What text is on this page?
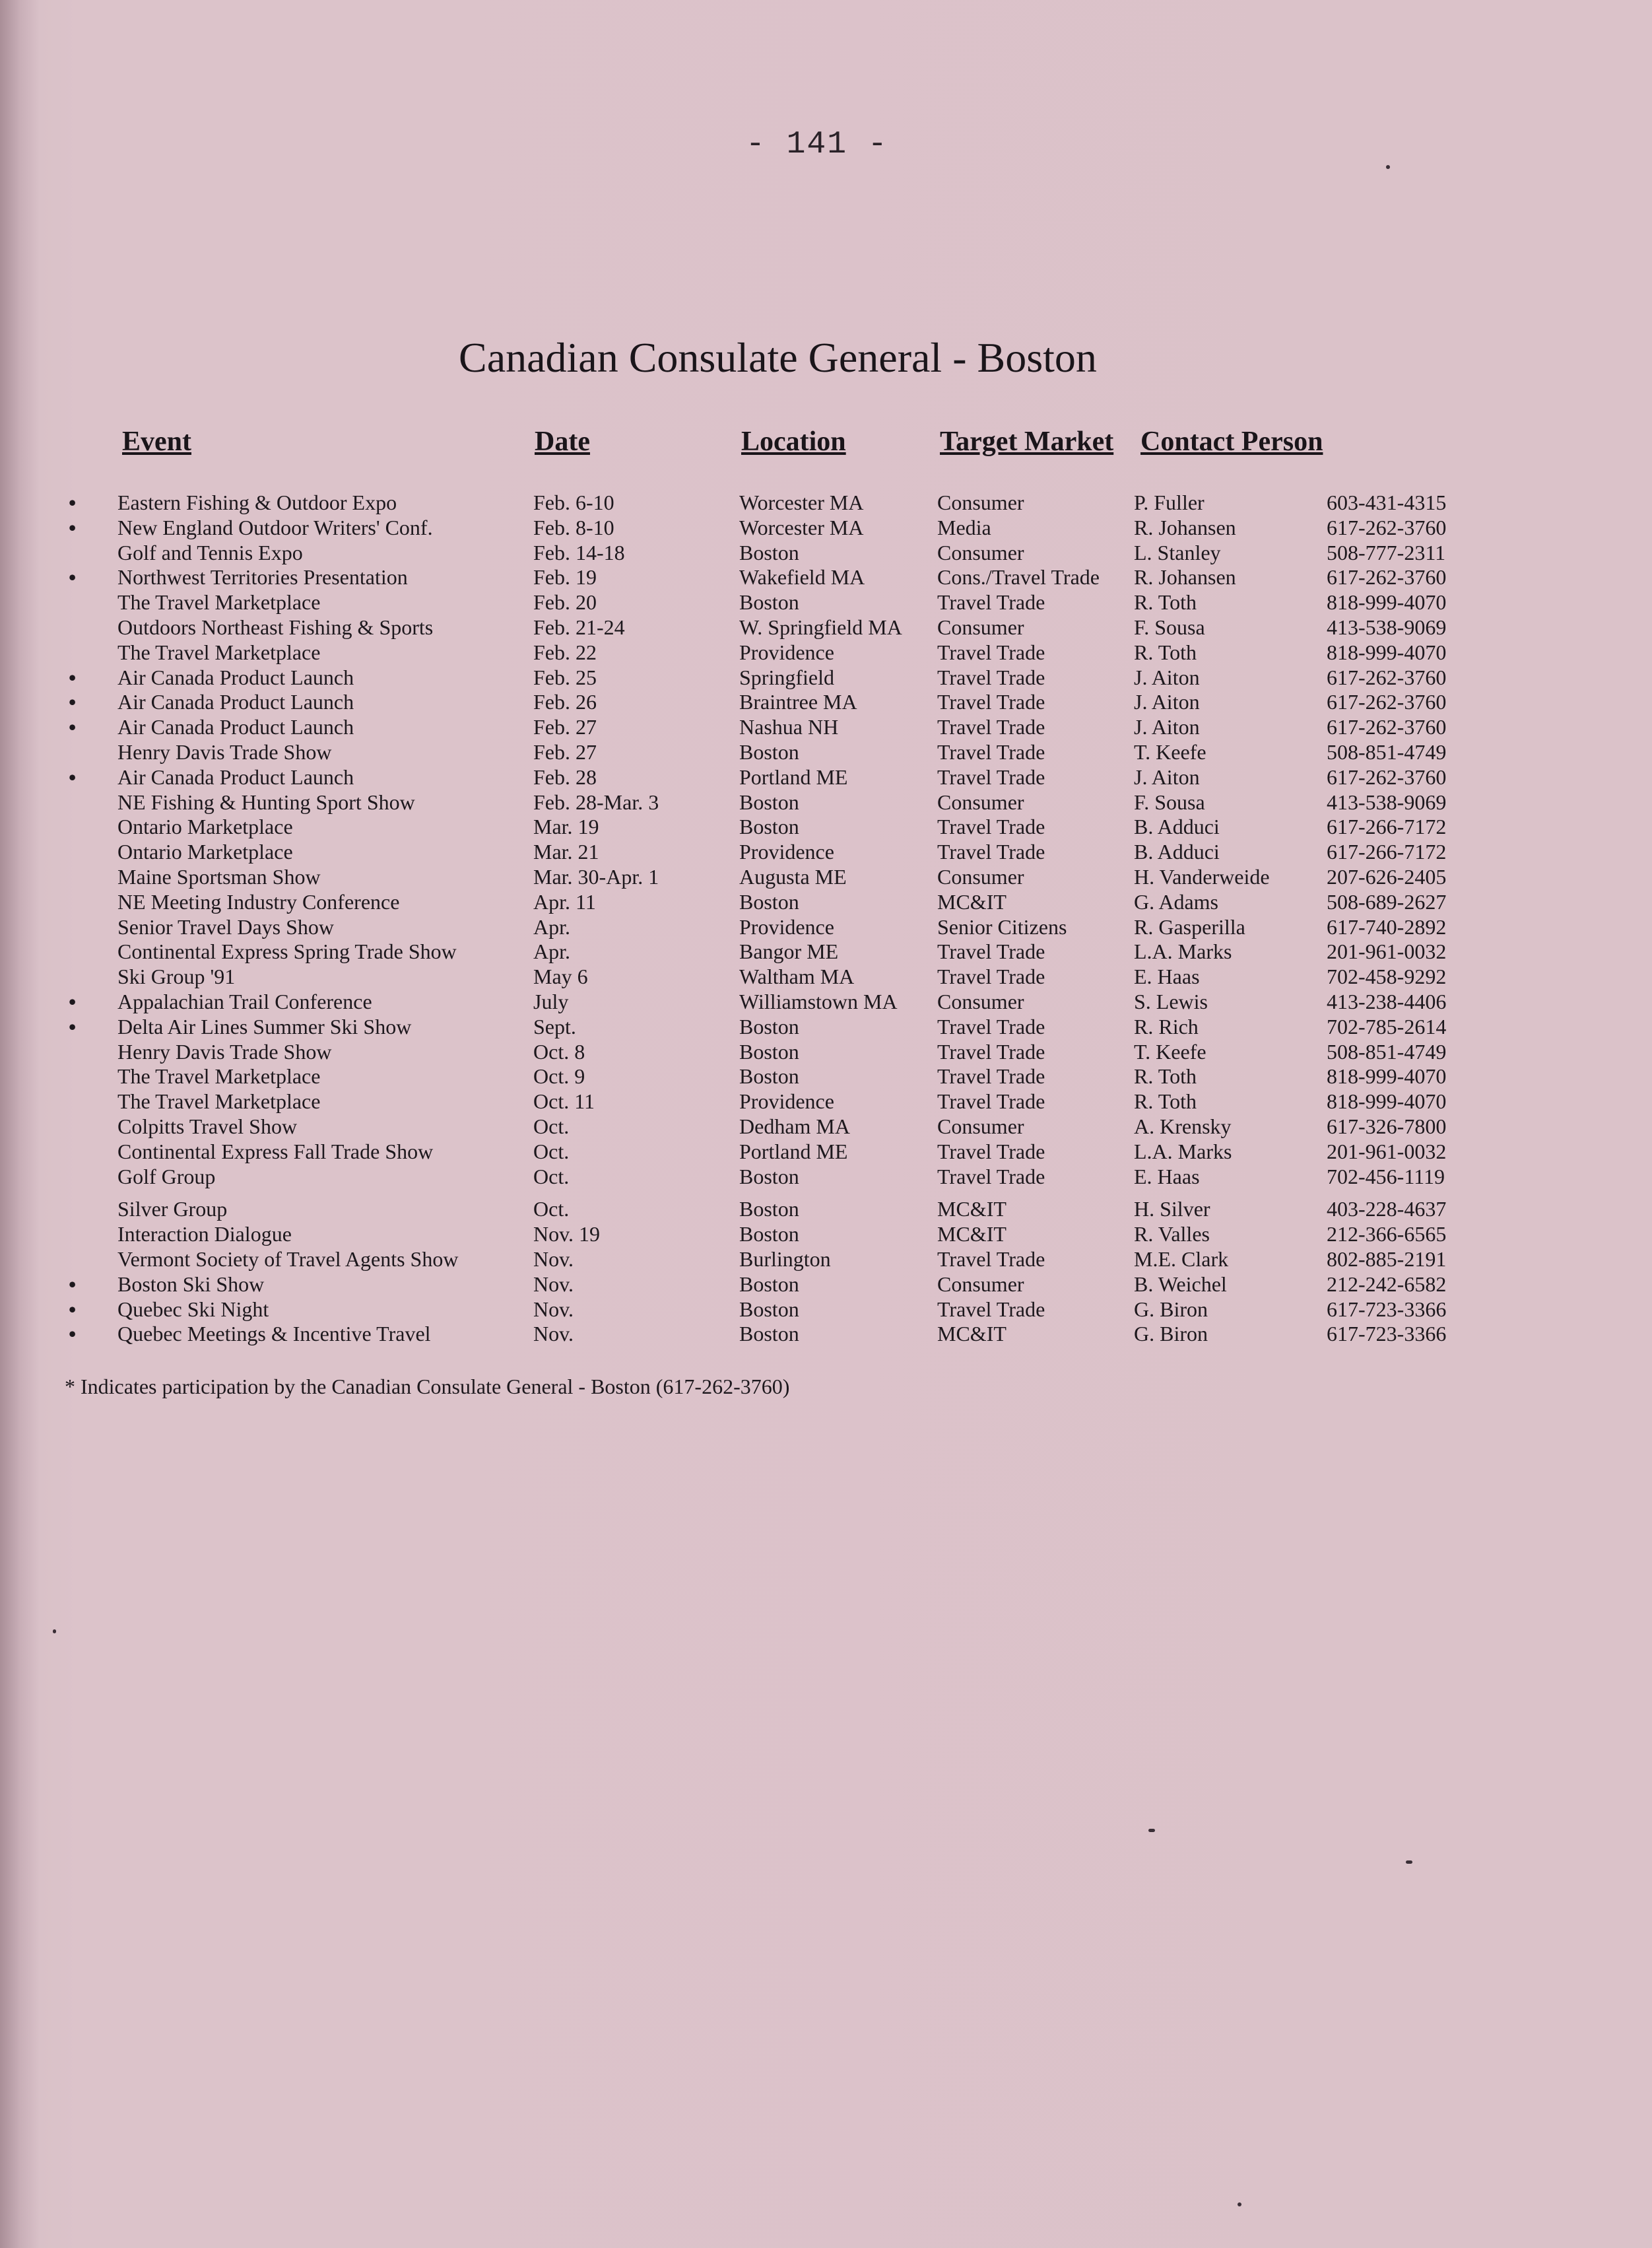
- 141 -
Canadian Consulate General - Boston
Event	Date	Location	Target Market Contact Person
• Eastern Fishing & Outdoor Expo	Feb. 6-10	Worcester MA	Consumer	P. Fuller	603-431-4315
• New England Outdoor Writers' Conf.	Feb. 8-10	Worcester MA	Media	R. Johansen	617-262-3760
Golf and Tennis Expo	Feb. 14-18	Boston	Consumer	L. Stanley	508-777-2311
• Northwest Territories Presentation	Feb. 19	Wakefield MA	Cons./Travel Trade R. Johansen	617-262-3760
The Travel Marketplace	Feb. 20	Boston	Travel Trade	R. Toth	818-999-4070
Outdoors Northeast Fishing & Sports	Feb. 21-24	W. Springfield MA Consumer	F. Sousa	413-538-9069
The Travel Marketplace	Feb. 22	Providence	Travel Trade	R. Toth	818-999-4070
• Air Canada Product Launch	Feb. 25	Springfield	Travel Trade	J. Aiton	617-262-3760
• Air Canada Product Launch	Feb. 26	Braintree MA	Travel Trade	J. Aiton	617-262-3760
• Air Canada Product Launch	Feb. 27	Nashua NH	Travel Trade	J. Aiton	617-262-3760
Henry Davis Trade Show	Feb. 27	Boston	Travel Trade	T. Keefe	508-851-4749
• Air Canada Product Launch	Feb. 28	Portland ME	Travel Trade	J. Aiton	617-262-3760
NE Fishing & Hunting Sport Show	Feb. 28-Mar. 3	Boston	Consumer	F. Sousa	413-538-9069
Ontario Marketplace	Mar. 19	Boston	Travel Trade	B. Adduci	617-266-7172
Ontario Marketplace	Mar. 21	Providence	Travel Trade	B. Adduci	617-266-7172
Maine Sportsman Show	Mar. 30-Apr. 1	Augusta ME	Consumer	H. Vanderweide	207-626-2405
NE Meeting Industry Conference	Apr. 11	Boston	MC&IT	G. Adams	508-689-2627
Senior Travel Days Show	Apr.	Providence	Senior Citizens	R. Gasperilla	617-740-2892
Continental Express Spring Trade Show	Apr.	Bangor ME	Travel Trade	L.A. Marks	201-961-0032
Ski Group '91	May 6	Waltham MA	Travel Trade	E. Haas	702-458-9292
• Appalachian Trail Conference	July	Williamstown MA Consumer	S. Lewis	413-238-4406
• Delta Air Lines Summer Ski Show	Sept.	Boston	Travel Trade	R. Rich	702-785-2614
Henry Davis Trade Show	Oct. 8	Boston	Travel Trade	T. Keefe	508-851-4749
The Travel Marketplace	Oct. 9	Boston	Travel Trade	R. Toth	818-999-4070
The Travel Marketplace	Oct. 11	Providence	Travel Trade	R. Toth	818-999-4070
Colpitts Travel Show	Oct.	Dedham MA	Consumer	A. Krensky	617-326-7800
Continental Express Fall Trade Show	Oct.	Portland ME	Travel Trade	L.A. Marks	201-961-0032
Golf Group	Oct.	Boston	Travel Trade	E. Haas	702-456-1119
Silver Group	Oct.	Boston	MC&IT	H. Silver	403-228-4637
Interaction Dialogue	Nov. 19	Boston	MC&IT	R. Valles	212-366-6565
Vermont Society of Travel Agents Show	Nov.	Burlington	Travel Trade	M.E. Clark	802-885-2191
• Boston Ski Show	Nov.	Boston	Consumer	B. Weichel	212-242-6582
• Quebec Ski Night	Nov.	Boston	Travel Trade	G. Biron	617-723-3366
• Quebec Meetings & Incentive Travel	Nov.	Boston	MC&IT	G. Biron	617-723-3366
* Indicates participation by the Canadian Consulate General - Boston (617-262-3760)
